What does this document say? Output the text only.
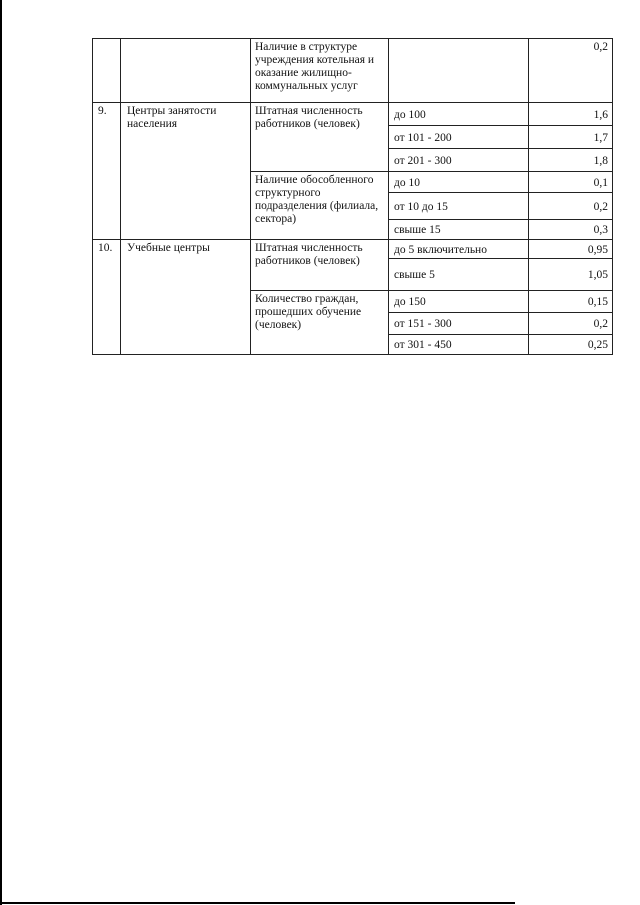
		Наличие в структуре учреждения котельная и оказание жилищно-коммунальных услуг		0,2
9.	Центры занятости населения	Штатная численность работников (человек)	до 100	1,6
			от 101 - 200	1,7
			от 201 - 300	1,8
		Наличие обособленного структурного подразделения (филиала, сектора)	до 10	0,1
			от 10 до 15	0,2
			свыше 15	0,3
10.	Учебные центры	Штатная численность работников (человек)	до 5 включительно	0,95
			свыше 5	1,05
		Количество граждан, прошедших обучение (человек)	до 150	0,15
			от 151 - 300	0,2
			от 301 - 450	0,25
